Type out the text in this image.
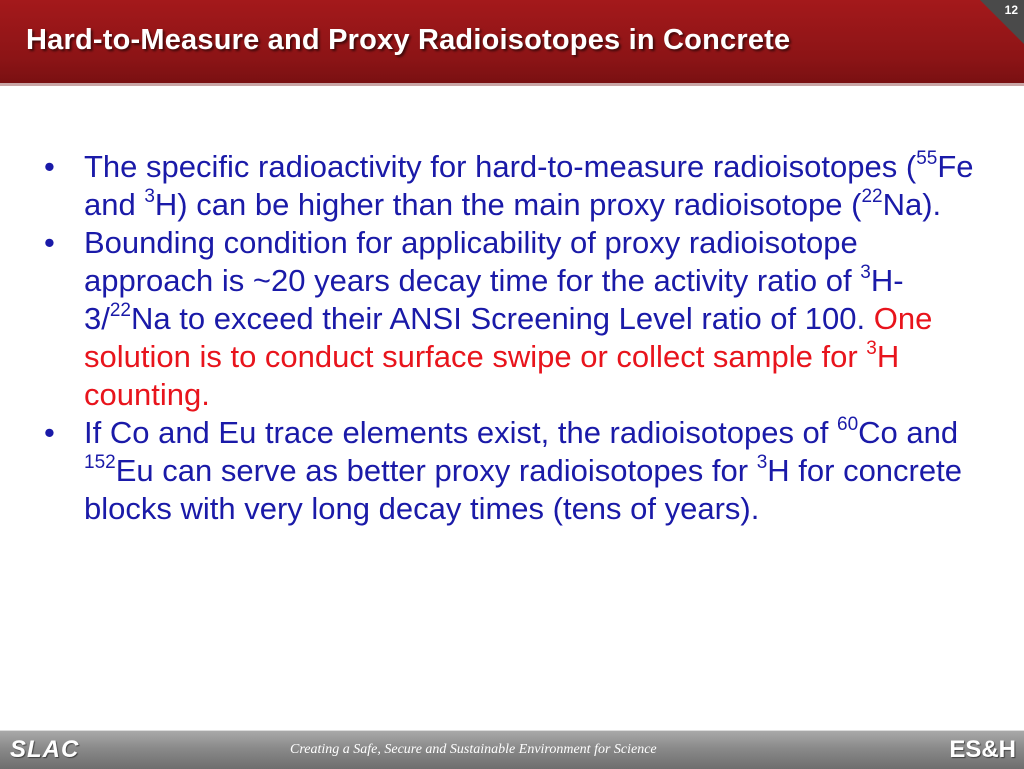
Hard-to-Measure and Proxy Radioisotopes in Concrete
12
• The specific radioactivity for hard-to-measure radioisotopes ($^{55}$Fe and $^3$H) can be higher than the main proxy radioisotope ($^{22}$Na).
• Bounding condition for applicability of proxy radioisotope approach is ~20 years decay time for the activity ratio of $^3$H-3/$^{22}$Na to exceed their ANSI Screening Level ratio of 100. One solution is to conduct surface swipe or collect sample for $^3$H counting.
• If Co and Eu trace elements exist, the radioisotopes of $^{60}$Co and $^{152}$Eu can serve as better proxy radioisotopes for $^3$H for concrete blocks with very long decay times (tens of years).
SLAC	Creating a Safe, Secure and Sustainable Environment for Science	ES&H
